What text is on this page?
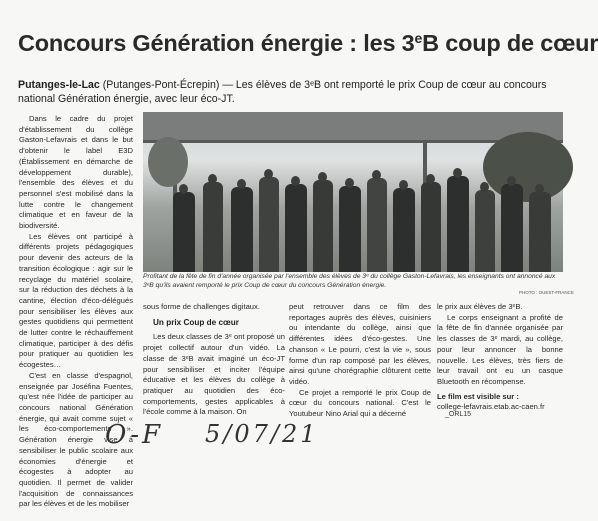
Concours Génération énergie : les 3eB coup de cœur
Putanges-le-Lac (Putanges-Pont-Écrepin) — Les élèves de 3ᵉB ont remporté le prix Coup de cœur au concours national Génération énergie, avec leur éco-JT.

Dans le cadre du projet d'établissement du collège Gaston-Lefavrais et dans le but d'obtenir le label E3D (Établissement en démarche de développement durable), l'ensemble des élèves et du personnel s'est mobilisé dans la lutte contre le changement climatique et en faveur de la biodiversité.

Les élèves ont participé à différents projets pédagogiques pour devenir des acteurs de la transition écologique : agir sur le recyclage du matériel scolaire, sur la réduction des déchets à la cantine, élection d'éco-délégués pour sensibiliser les élèves aux gestes quotidiens qui permettent de lutter contre le réchauffement climatique, participer à des défis pour pratiquer au quotidien les écogestes…

C'est en classe d'espagnol, enseignée par Joséfina Fuentes, qu'est née l'idée de participer au concours national Génération énergie, qui avait comme sujet « les éco-comportements ». Génération énergie vise à sensibiliser le public scolaire aux économies d'énergie et écogestes à adopter au quotidien. Il permet de valider l'acquisition de connaissances par les élèves et de les mobiliser

Profitant de la fête de fin d'année organisée par l'ensemble des élèves de 3ᵉ du collège Gaston-Lefavrais, les enseignants ont annoncé aux 3ᵉB qu'ils avaient remporté le prix Coup de cœur du concours Génération énergie.
PHOTO : OUEST-FRANCE

sous forme de challenges digitaux.

Un prix Coup de cœur

Les deux classes de 3ᵉ ont proposé un projet collectif autour d'un vidéo. La classe de 3ᵉB avait imaginé un éco-JT pour sensibiliser et inciter l'équipe éducative et les élèves du collège à pratiquer au quotidien des éco-comportements, gestes applicables à l'école comme à la maison. On

peut retrouver dans ce film des reportages auprès des élèves, cuisiniers ou intendante du collège, ainsi que différentes idées d'éco-gestes. Une chanson « Le pourri, c'est la vie », sous forme d'un rap composé par les élèves, ainsi qu'une chorégraphie clôturent cette vidéo.

Ce projet a remporté le prix Coup de cœur du concours national. C'est le Youtubeur Nino Arial qui a décerné

le prix aux élèves de 3ᵉB.

Le corps enseignant a profité de la fête de fin d'année organisée par les classes de 3ᵉ mardi, au collège, pour leur annoncer la bonne nouvelle. Les élèves, très fiers de leur travail ont eu un casque Bluetooth en récompense.

Le film est visible sur :

college-lefavrais.etab.ac-caen.fr

_ORL15
O-F 5/07/21
